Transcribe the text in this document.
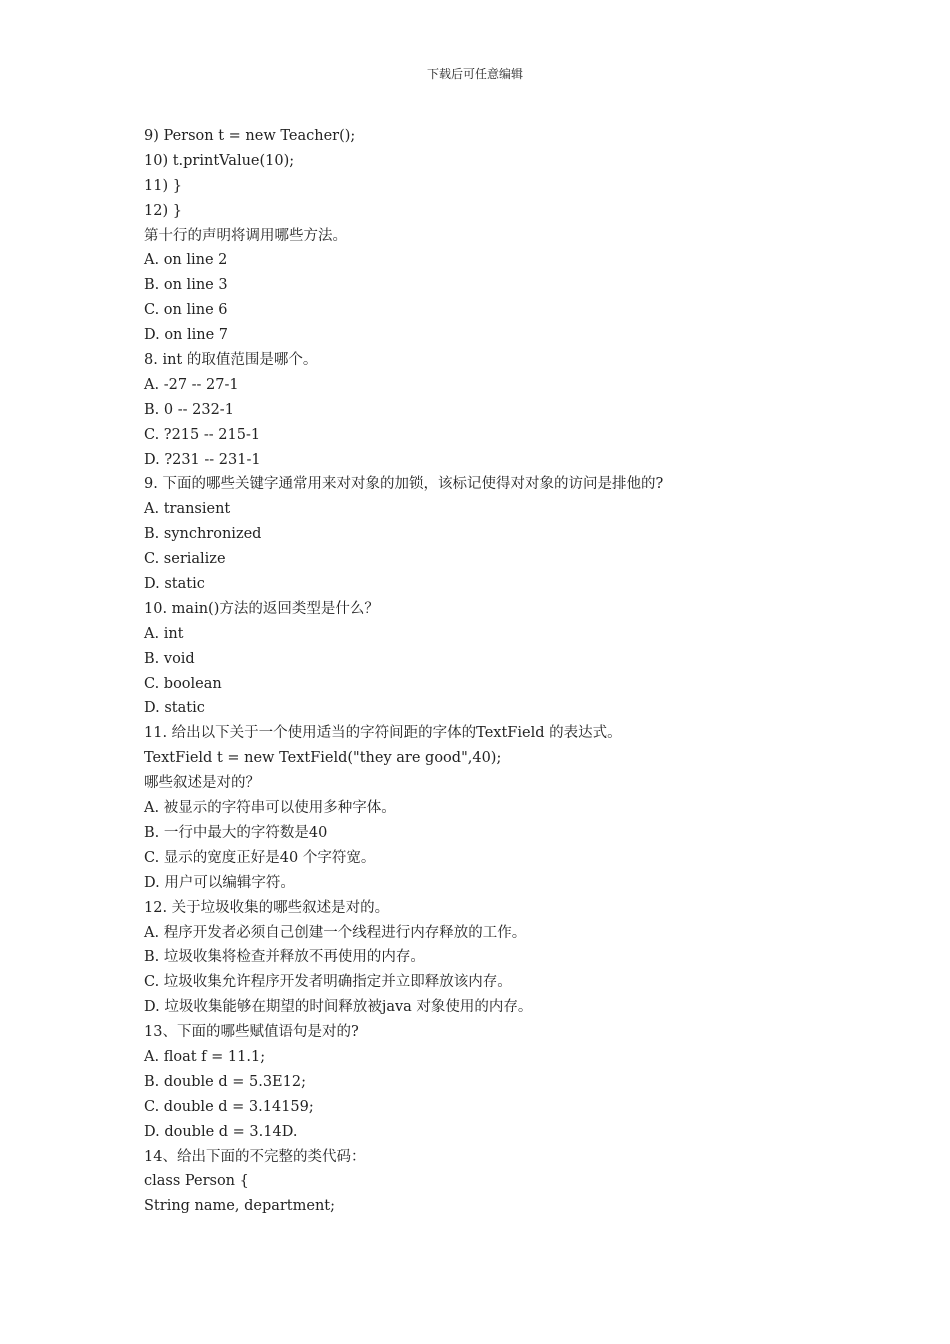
下载后可任意编辑
9) Person t = new Teacher();
10) t.printValue(10);
11) }
12) }
第十行的声明将调用哪些方法。
A. on line 2
B. on line 3
C. on line 6
D. on line 7
8. int 的取值范围是哪个。
A. -27 -- 27-1
B. 0 -- 232-1
C. ?215 -- 215-1
D. ?231 -- 231-1
9. 下面的哪些关键字通常用来对对象的加锁，该标记使得对对象的访问是排他的?
A. transient
B. synchronized
C. serialize
D. static
10. main()方法的返回类型是什么？
A. int
B. void
C. boolean
D. static
11. 给出以下关于一个使用适当的字符间距的字体的TextField 的表达式。
TextField t = new TextField("they are good",40);
哪些叙述是对的？
A. 被显示的字符串可以使用多种字体。
B. 一行中最大的字符数是40
C. 显示的宽度正好是40 个字符宽。
D. 用户可以编辑字符。
12. 关于垃圾收集的哪些叙述是对的。
A. 程序开发者必须自己创建一个线程进行内存释放的工作。
B. 垃圾收集将检查并释放不再使用的内存。
C. 垃圾收集允许程序开发者明确指定并立即释放该内存。
D. 垃圾收集能够在期望的时间释放被java 对象使用的内存。
13、下面的哪些赋值语句是对的?
A. float f = 11.1;
B. double d = 5.3E12;
C. double d = 3.14159;
D. double d = 3.14D.
14、给出下面的不完整的类代码：
class Person {
String name, department;
